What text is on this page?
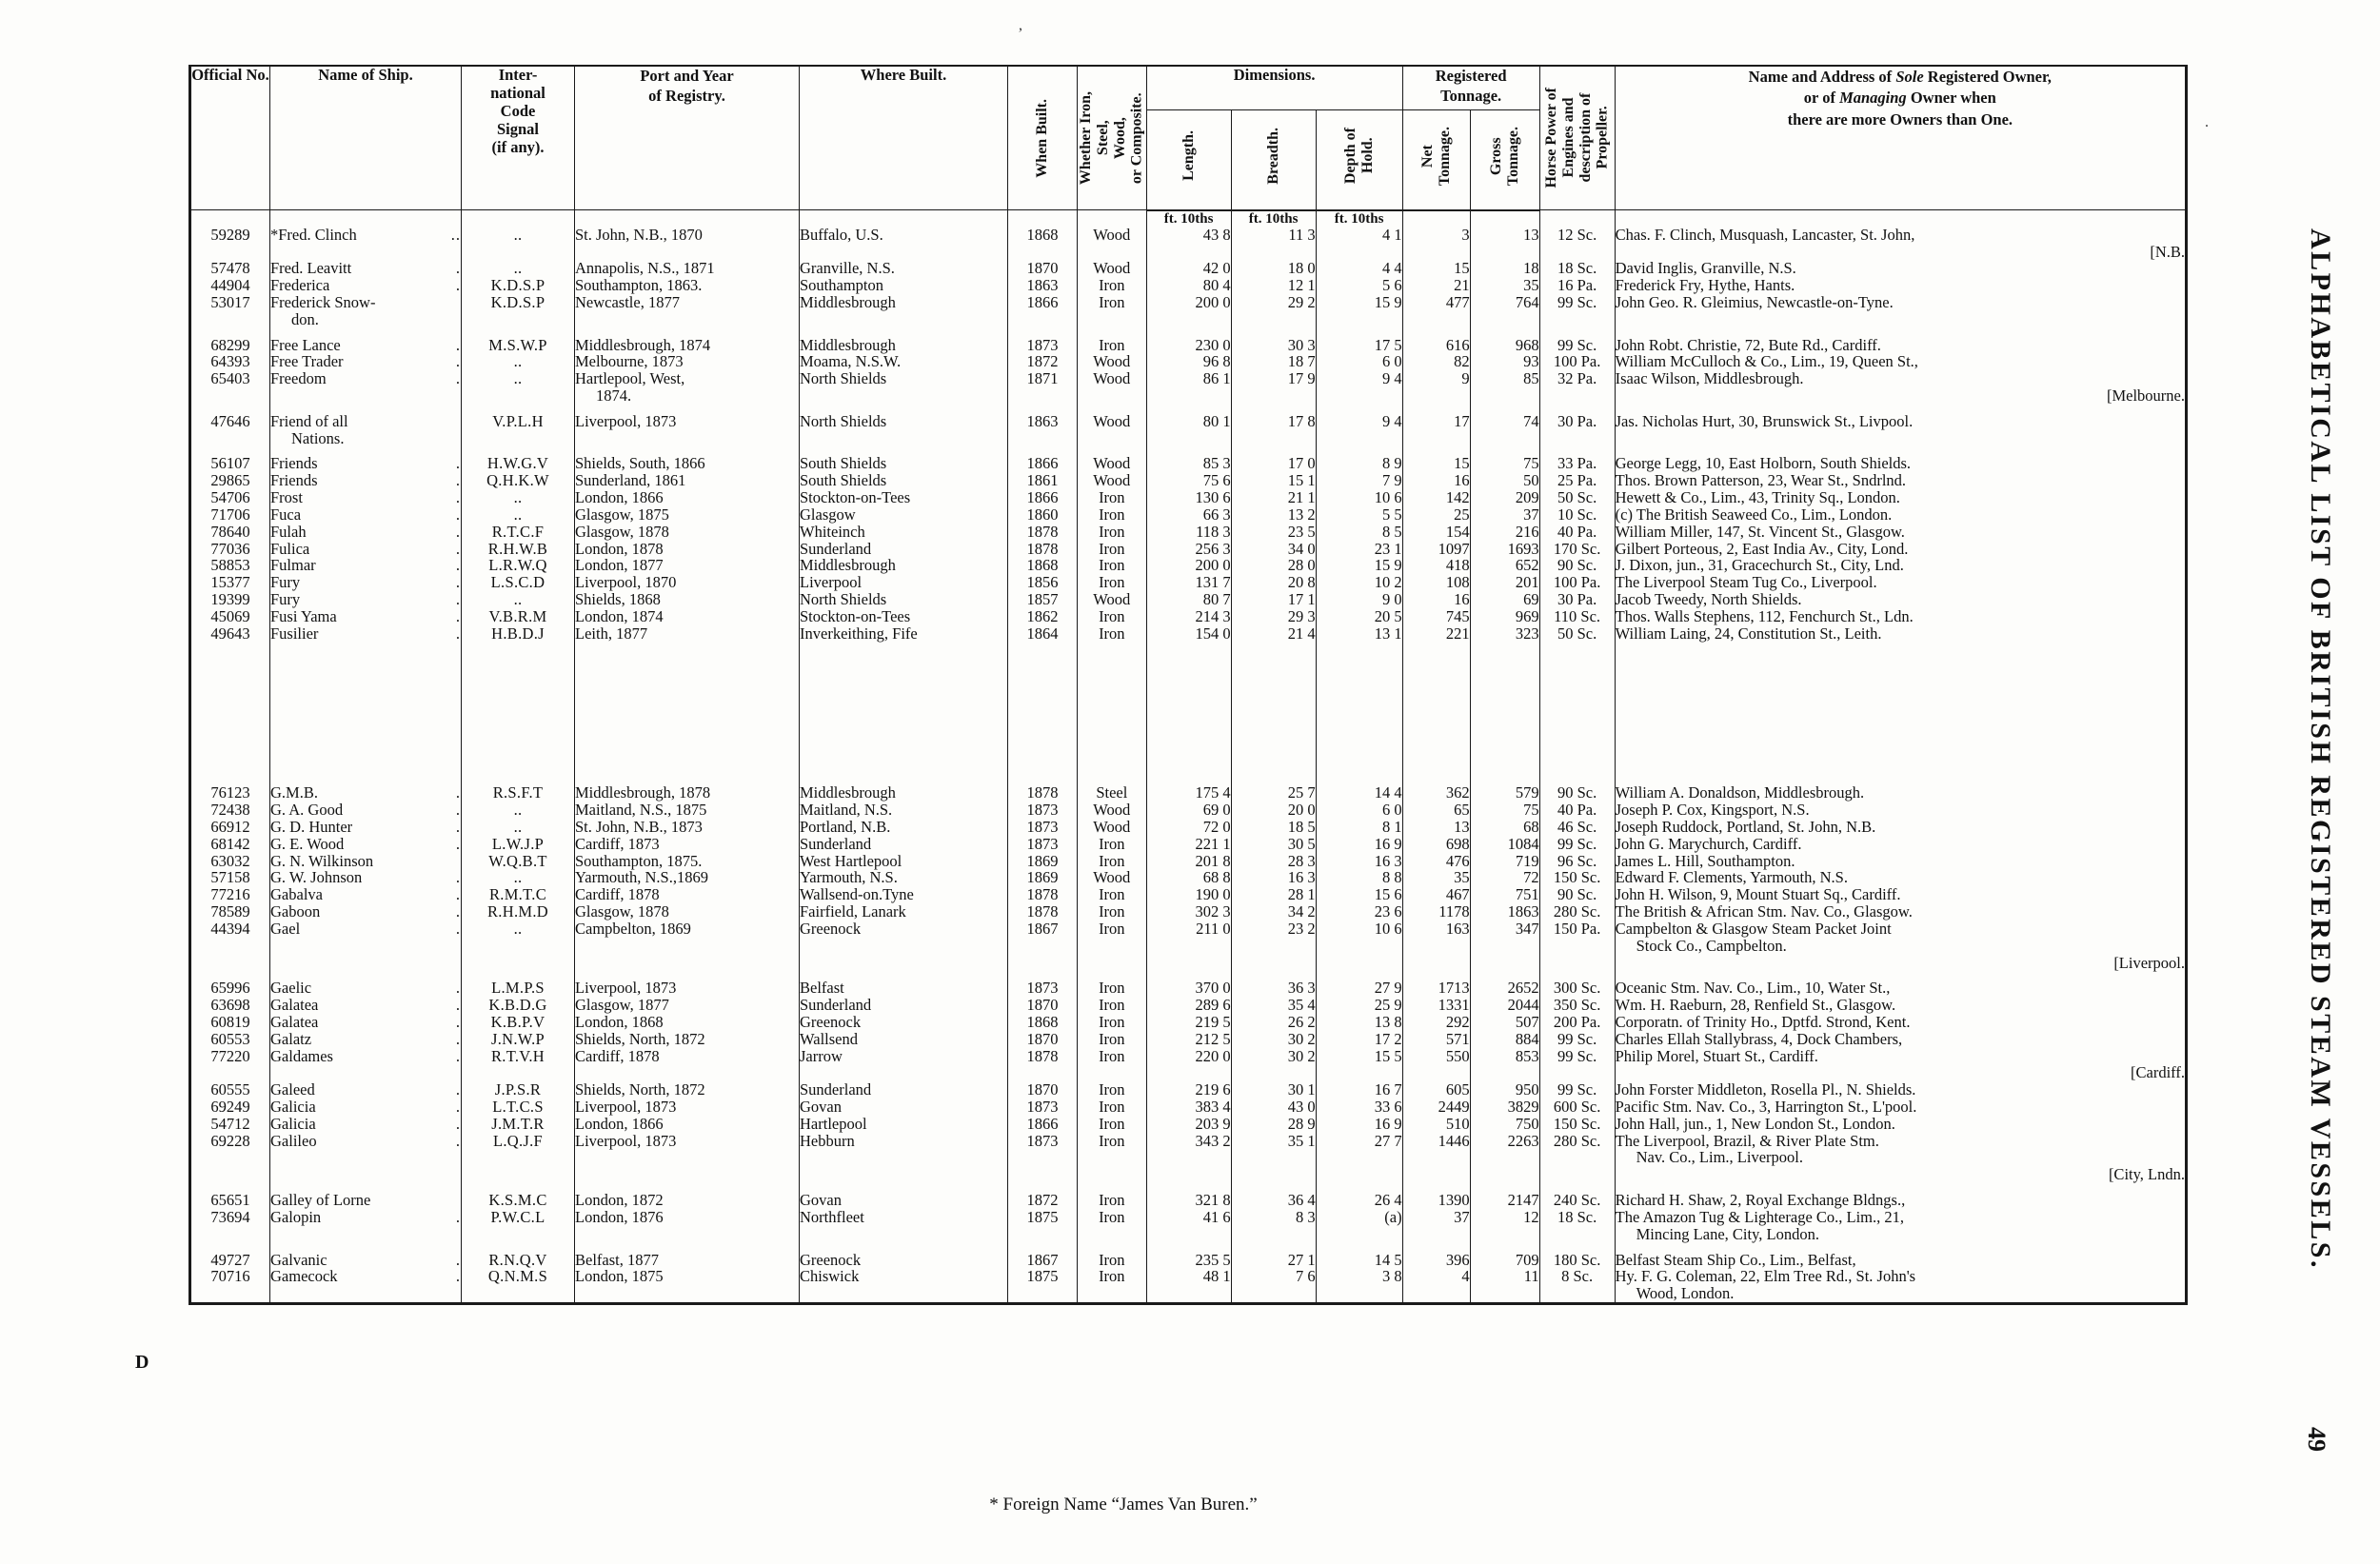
,
.
ALPHABETICAL LIST OF BRITISH REGISTERED STEAM VESSELS.
49
D
Official No.	Name of Ship.	Inter-
national
Code
Signal
(if any).	Port and Year
of Registry.	Where Built.	When Built.	Whether Iron,
Steel,
Wood,
or Composite.	Dimensions.			Registered
Tonnage.		Horse Power of
Engines and
description of
Propeller.	Name and Address of Sole Registered Owner,
or of Managing Owner when
there are more Owners than One.

							Length.	Breadth.	Depth of
Hold.	Net
Tonnage.	Gross
Tonnage.		

							ft. 10ths	ft. 10ths	ft. 10ths				
59289	*Fred. Clinch ..	..	St. John, N.B., 1870	Buffalo, U.S.	1868	Wood	43 8	11 3	4 1	3	13	12 Sc.	Chas. F. Clinch, Musquash, Lancaster, St. John,
[N.B.

57478	Fred. Leavitt .	..	Annapolis, N.S., 1871	Granville, N.S.	1870	Wood	42 0	18 0	4 4	15	18	18 Sc.	David Inglis, Granville, N.S.
44904	Frederica .	K.D.S.P	Southampton, 1863.	Southampton	1863	Iron	80 4	12 1	5 6	21	35	16 Pa.	Frederick Fry, Hythe, Hants.
53017	Frederick Snow-
don.	K.D.S.P	Newcastle, 1877	Middlesbrough	1866	Iron	200 0	29 2	15 9	477	764	99 Sc.	John Geo. R. Gleimius, Newcastle-on-Tyne.

68299	Free Lance .	M.S.W.P	Middlesbrough, 1874	Middlesbrough	1873	Iron	230 0	30 3	17 5	616	968	99 Sc.	John Robt. Christie, 72, Bute Rd., Cardiff.
64393	Free Trader .	..	Melbourne, 1873	Moama, N.S.W.	1872	Wood	96 8	18 7	6 0	82	93	100 Pa.	William McCulloch & Co., Lim., 19, Queen St.,
65403	Freedom .	..	Hartlepool, West,
1874.	North Shields	1871	Wood	86 1	17 9	9 4	9	85	32 Pa.	Isaac Wilson, Middlesbrough.
[Melbourne.

47646	Friend of all
Nations.	V.P.L.H	Liverpool, 1873	North Shields	1863	Wood	80 1	17 8	9 4	17	74	30 Pa.	Jas. Nicholas Hurt, 30, Brunswick St., Livpool.

56107	Friends .	H.W.G.V	Shields, South, 1866	South Shields	1866	Wood	85 3	17 0	8 9	15	75	33 Pa.	George Legg, 10, East Holborn, South Shields.
29865	Friends .	Q.H.K.W	Sunderland, 1861	South Shields	1861	Wood	75 6	15 1	7 9	16	50	25 Pa.	Thos. Brown Patterson, 23, Wear St., Sndrlnd.
54706	Frost .	..	London, 1866	Stockton-on-Tees	1866	Iron	130 6	21 1	10 6	142	209	50 Sc.	Hewett & Co., Lim., 43, Trinity Sq., London.
71706	Fuca .	..	Glasgow, 1875	Glasgow	1860	Iron	66 3	13 2	5 5	25	37	10 Sc.	(c) The British Seaweed Co., Lim., London.
78640	Fulah .	R.T.C.F	Glasgow, 1878	Whiteinch	1878	Iron	118 3	23 5	8 5	154	216	40 Pa.	William Miller, 147, St. Vincent St., Glasgow.
77036	Fulica .	R.H.W.B	London, 1878	Sunderland	1878	Iron	256 3	34 0	23 1	1097	1693	170 Sc.	Gilbert Porteous, 2, East India Av., City, Lond.
58853	Fulmar .	L.R.W.Q	London, 1877	Middlesbrough	1868	Iron	200 0	28 0	15 9	418	652	90 Sc.	J. Dixon, jun., 31, Gracechurch St., City, Lnd.
15377	Fury .	L.S.C.D	Liverpool, 1870	Liverpool	1856	Iron	131 7	20 8	10 2	108	201	100 Pa.	The Liverpool Steam Tug Co., Liverpool.
19399	Fury .	..	Shields, 1868	North Shields	1857	Wood	80 7	17 1	9 0	16	69	30 Pa.	Jacob Tweedy, North Shields.
45069	Fusi Yama .	V.B.R.M	London, 1874	Stockton-on-Tees	1862	Iron	214 3	29 3	20 5	745	969	110 Sc.	Thos. Walls Stephens, 112, Fenchurch St., Ldn.
49643	Fusilier .	H.B.D.J	Leith, 1877	Inverkeithing, Fife	1864	Iron	154 0	21 4	13 1	221	323	50 Sc.	William Laing, 24, Constitution St., Leith.

76123	G.M.B. .	R.S.F.T	Middlesbrough, 1878	Middlesbrough	1878	Steel	175 4	25 7	14 4	362	579	90 Sc.	William A. Donaldson, Middlesbrough.
72438	G. A. Good .	..	Maitland, N.S., 1875	Maitland, N.S.	1873	Wood	69 0	20 0	6 0	65	75	40 Pa.	Joseph P. Cox, Kingsport, N.S.
66912	G. D. Hunter .	..	St. John, N.B., 1873	Portland, N.B.	1873	Wood	72 0	18 5	8 1	13	68	46 Sc.	Joseph Ruddock, Portland, St. John, N.B.
68142	G. E. Wood .	L.W.J.P	Cardiff, 1873	Sunderland	1873	Iron	221 1	30 5	16 9	698	1084	99 Sc.	John G. Marychurch, Cardiff.
63032	G. N. Wilkinson	W.Q.B.T	Southampton, 1875.	West Hartlepool	1869	Iron	201 8	28 3	16 3	476	719	96 Sc.	James L. Hill, Southampton.
57158	G. W. Johnson .	..	Yarmouth, N.S.,1869	Yarmouth, N.S.	1869	Wood	68 8	16 3	8 8	35	72	150 Sc.	Edward F. Clements, Yarmouth, N.S.
77216	Gabalva .	R.M.T.C	Cardiff, 1878	Wallsend-on.Tyne	1878	Iron	190 0	28 1	15 6	467	751	90 Sc.	John H. Wilson, 9, Mount Stuart Sq., Cardiff.
78589	Gaboon .	R.H.M.D	Glasgow, 1878	Fairfield, Lanark	1878	Iron	302 3	34 2	23 6	1178	1863	280 Sc.	The British & African Stm. Nav. Co., Glasgow.
44394	Gael .	..	Campbelton, 1869	Greenock	1867	Iron	211 0	23 2	10 6	163	347	150 Pa.	Campbelton & Glasgow Steam Packet Joint
Stock Co., Campbelton.
[Liverpool.

65996	Gaelic .	L.M.P.S	Liverpool, 1873	Belfast	1873	Iron	370 0	36 3	27 9	1713	2652	300 Sc.	Oceanic Stm. Nav. Co., Lim., 10, Water St.,
63698	Galatea .	K.B.D.G	Glasgow, 1877	Sunderland	1870	Iron	289 6	35 4	25 9	1331	2044	350 Sc.	Wm. H. Raeburn, 28, Renfield St., Glasgow.
60819	Galatea .	K.B.P.V	London, 1868	Greenock	1868	Iron	219 5	26 2	13 8	292	507	200 Pa.	Corporatn. of Trinity Ho., Dptfd. Strond, Kent.
60553	Galatz .	J.N.W.P	Shields, North, 1872	Wallsend	1870	Iron	212 5	30 2	17 2	571	884	99 Sc.	Charles Ellah Stallybrass, 4, Dock Chambers,
77220	Galdames .	R.T.V.H	Cardiff, 1878	Jarrow	1878	Iron	220 0	30 2	15 5	550	853	99 Sc.	Philip Morel, Stuart St., Cardiff.
[Cardiff.

60555	Galeed .	J.P.S.R	Shields, North, 1872	Sunderland	1870	Iron	219 6	30 1	16 7	605	950	99 Sc.	John Forster Middleton, Rosella Pl., N. Shields.
69249	Galicia .	L.T.C.S	Liverpool, 1873	Govan	1873	Iron	383 4	43 0	33 6	2449	3829	600 Sc.	Pacific Stm. Nav. Co., 3, Harrington St., L'pool.
54712	Galicia .	J.M.T.R	London, 1866	Hartlepool	1866	Iron	203 9	28 9	16 9	510	750	150 Sc.	John Hall, jun., 1, New London St., London.
69228	Galileo .	L.Q.J.F	Liverpool, 1873	Hebburn	1873	Iron	343 2	35 1	27 7	1446	2263	280 Sc.	The Liverpool, Brazil, & River Plate Stm.
Nav. Co., Lim., Liverpool.
[City, Lndn.

65651	Galley of Lorne	K.S.M.C	London, 1872	Govan	1872	Iron	321 8	36 4	26 4	1390	2147	240 Sc.	Richard H. Shaw, 2, Royal Exchange Bldngs.,
73694	Galopin .	P.W.C.L	London, 1876	Northfleet	1875	Iron	41 6	8 3	(a)	37	12	18 Sc.	The Amazon Tug & Lighterage Co., Lim., 21,
Mincing Lane, City, London.

49727	Galvanic .	R.N.Q.V	Belfast, 1877	Greenock	1867	Iron	235 5	27 1	14 5	396	709	180 Sc.	Belfast Steam Ship Co., Lim., Belfast,
70716	Gamecock .	Q.N.M.S	London, 1875	Chiswick	1875	Iron	48 1	7 6	3 8	4	11	8 Sc.	Hy. F. G. Coleman, 22, Elm Tree Rd., St. John's
Wood, London.
* Foreign Name “James Van Buren.”
